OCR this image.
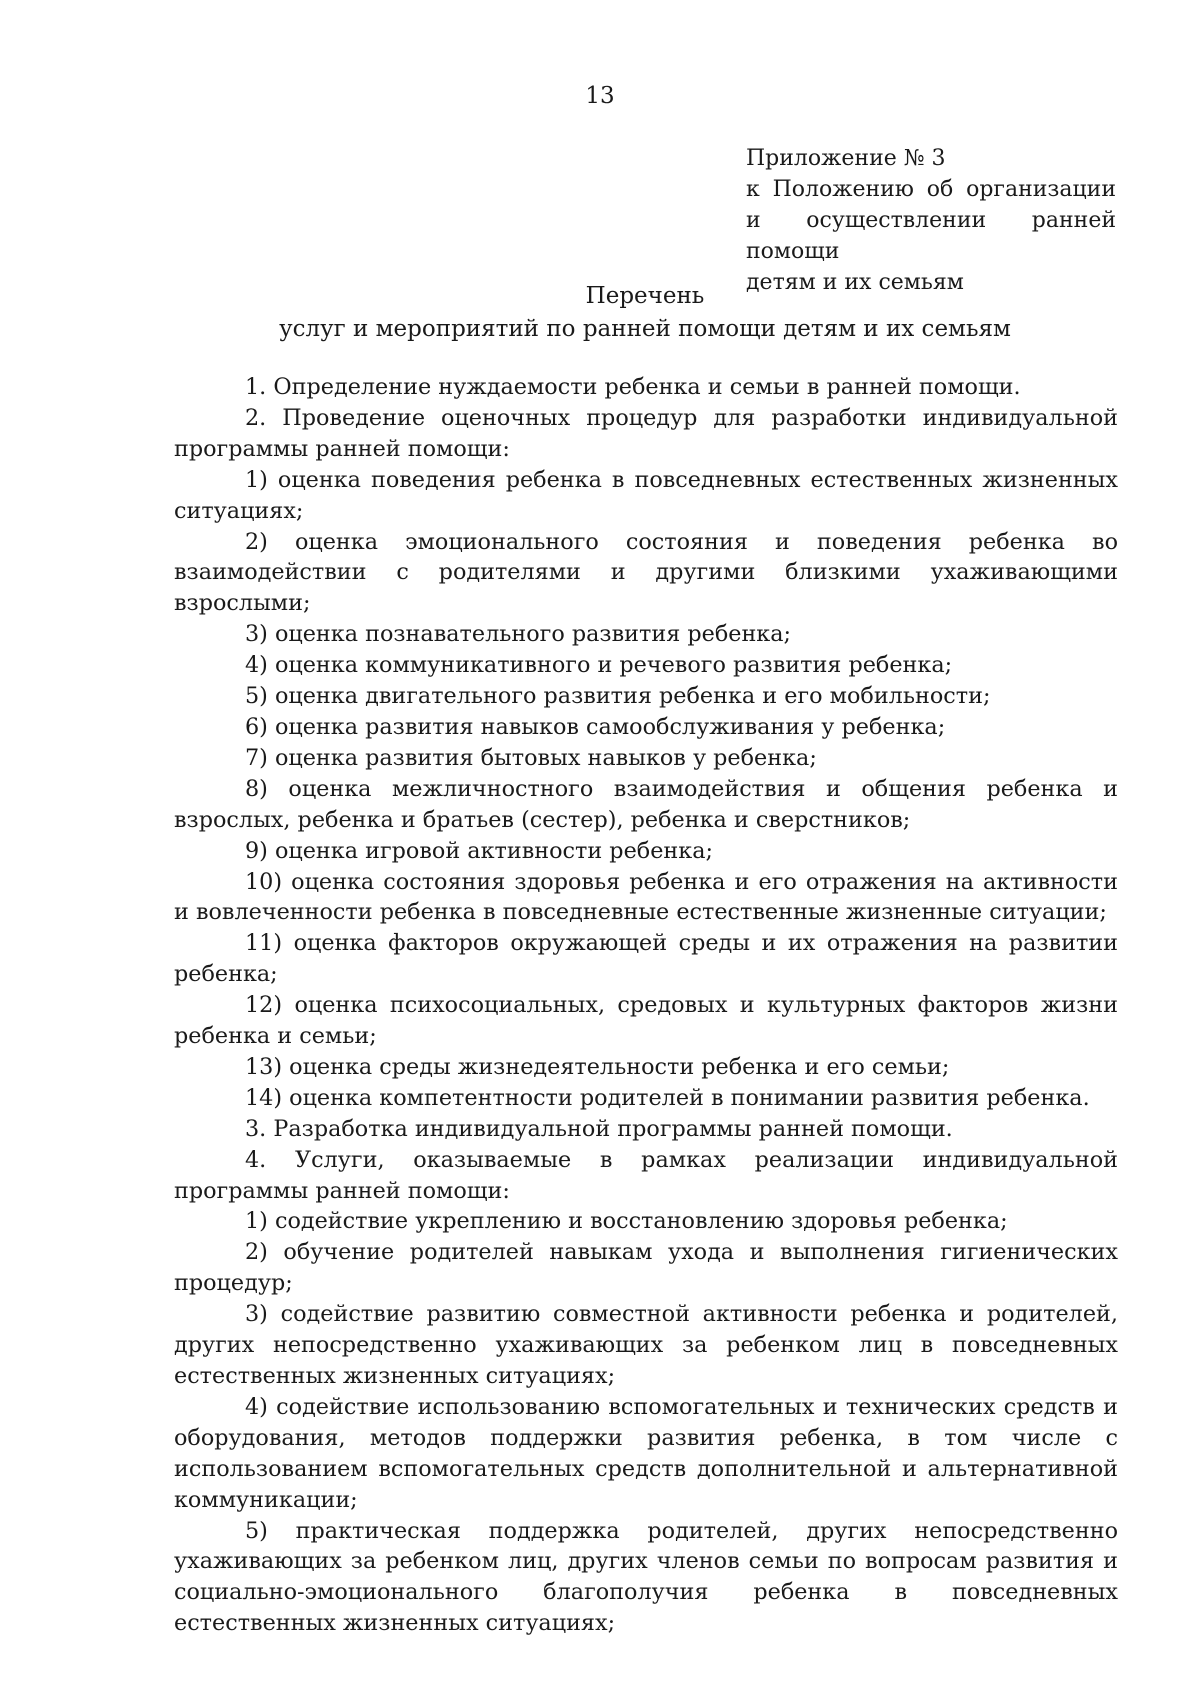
13
Приложение № 3
к Положению об организации
и осуществлении ранней помощи
детям и их семьям
Перечень
услуг и мероприятий по ранней помощи детям и их семьям

1. Определение нуждаемости ребенка и семьи в ранней помощи.

2. Проведение оценочных процедур для разработки индивидуальной программы ранней помощи:

1) оценка поведения ребенка в повседневных естественных жизненных ситуациях;

2) оценка эмоционального состояния и поведения ребенка во взаимодействии с родителями и другими близкими ухаживающими взрослыми;

3) оценка познавательного развития ребенка;

4) оценка коммуникативного и речевого развития ребенка;

5) оценка двигательного развития ребенка и его мобильности;

6) оценка развития навыков самообслуживания у ребенка;

7) оценка развития бытовых навыков у ребенка;

8) оценка межличностного взаимодействия и общения ребенка и взрослых, ребенка и братьев (сестер), ребенка и сверстников;

9) оценка игровой активности ребенка;

10) оценка состояния здоровья ребенка и его отражения на активности и вовлеченности ребенка в повседневные естественные жизненные ситуации;

11) оценка факторов окружающей среды и их отражения на развитии ребенка;

12) оценка психосоциальных, средовых и культурных факторов жизни ребенка и семьи;

13) оценка среды жизнедеятельности ребенка и его семьи;

14) оценка компетентности родителей в понимании развития ребенка.

3. Разработка индивидуальной программы ранней помощи.

4. Услуги, оказываемые в рамках реализации индивидуальной программы ранней помощи:

1) содействие укреплению и восстановлению здоровья ребенка;

2) обучение родителей навыкам ухода и выполнения гигиенических процедур;

3) содействие развитию совместной активности ребенка и родителей, других непосредственно ухаживающих за ребенком лиц в повседневных естественных жизненных ситуациях;

4) содействие использованию вспомогательных и технических средств и оборудования, методов поддержки развития ребенка, в том числе с использованием вспомогательных средств дополнительной и альтернативной коммуникации;

5) практическая поддержка родителей, других непосредственно ухаживающих за ребенком лиц, других членов семьи по вопросам развития и социально-эмоционального благополучия ребенка в повседневных естественных жизненных ситуациях;
